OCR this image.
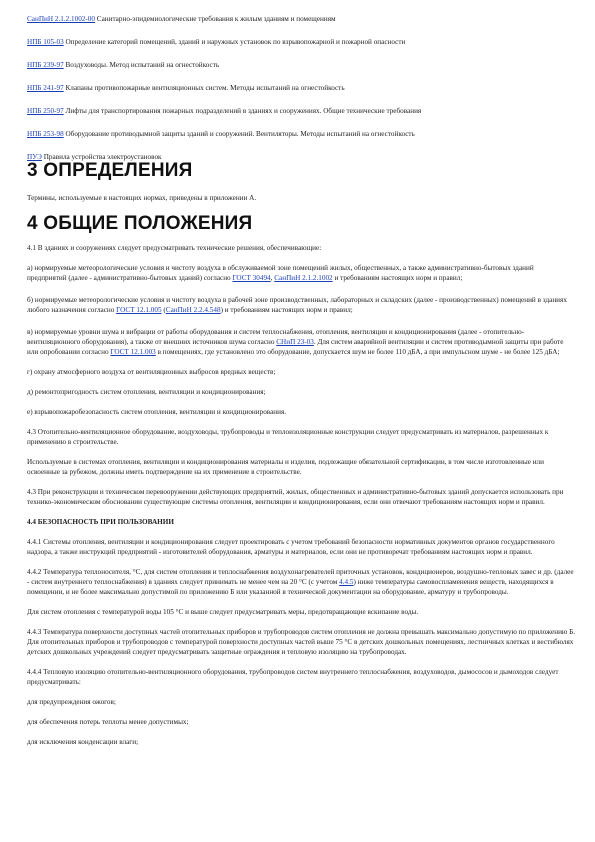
СанПиН 2.1.2.1002-00 Санитарно-эпидемиологические требования к жилым зданиям и помещениям

НПБ 105-03 Определение категорий помещений, зданий и наружных установок по взрывопожарной и пожарной опасности

НПБ 239-97 Воздуховоды. Метод испытаний на огнестойкость

НПБ 241-97 Клапаны противопожарные вентиляционных систем. Методы испытаний на огнестойкость

НПБ 250-97 Лифты для транспортирования пожарных подразделений в зданиях и сооружениях. Общие технические требования

НПБ 253-98 Оборудование противодымной защиты зданий и сооружений. Вентиляторы. Методы испытаний на огнестойкость

ПУЭ Правила устройства электроустановок

3 ОПРЕДЕЛЕНИЯ

Термины, используемые в настоящих нормах, приведены в приложении А.

4 ОБЩИЕ ПОЛОЖЕНИЯ

4.1 В зданиях и сооружениях следует предусматривать технические решения, обеспечивающие:

а) нормируемые метеорологические условия и чистоту воздуха в обслуживаемой зоне помещений жилых, общественных, а также административно-бытовых зданий предприятий (далее - административно-бытовых зданий) согласно ГОСТ 30494, СанПиН 2.1.2.1002 и требованиям настоящих норм и правил;

б) нормируемые метеорологические условия и чистоту воздуха в рабочей зоне производственных, лабораторных и складских (далее - производственных) помещений в зданиях любого назначения согласно ГОСТ 12.1.005 (СанПиН 2.2.4.548) и требованиям настоящих норм и правил;

в) нормируемые уровни шума и вибрации от работы оборудования и систем теплоснабжения, отопления, вентиляции и кондиционирования (далее - отопительно-вентиляционного оборудования), а также от внешних источников шума согласно СНиП 23-03. Для систем аварийной вентиляции и систем противодымной защиты при работе или опробовании согласно ГОСТ 12.1.003 в помещениях, где установлено это оборудование, допускается шум не более 110 дБА, а при импульсном шуме - не более 125 дБА;

г) охрану атмосферного воздуха от вентиляционных выбросов вредных веществ;

д) ремонтопригодность систем отопления, вентиляции и кондиционирования;

е) взрывопожаробезопасность систем отопления, вентиляции и кондиционирования.

4.3 Отопительно-вентиляционное оборудование, воздуховоды, трубопроводы и теплоизоляционные конструкции следует предусматривать из материалов, разрешенных к применению в строительстве.

Используемые в системах отопления, вентиляции и кондиционирования материалы и изделия, подлежащие обязательной сертификации, в том числе изготовленные или освоенные за рубежом, должны иметь подтверждение на их применение в строительстве.

4.3 При реконструкции и техническом перевооружении действующих предприятий, жилых, общественных и административно-бытовых зданий допускается использовать при технико-экономическом обосновании существующие системы отопления, вентиляции и кондиционирования, если они отвечают требованиям настоящих норм и правил.

4.4 БЕЗОПАСНОСТЬ ПРИ ПОЛЬЗОВАНИИ

4.4.1 Системы отопления, вентиляции и кондиционирования следует проектировать с учетом требований безопасности нормативных документов органов государственного надзора, а также инструкций предприятий - изготовителей оборудования, арматуры и материалов, если они не противоречат требованиям настоящих норм и правил.

4.4.2 Температура теплоносителя, °С, для систем отопления и теплоснабжения воздухонагревателей приточных установок, кондиционеров, воздушно-тепловых завес и др. (далее - систем внутреннего теплоснабжения) в зданиях следует принимать не менее чем на 20 °С (с учетом 4.4.5) ниже температуры самовоспламенения веществ, находящихся в помещении, и не более максимально допустимой по приложению Б или указанной в технической документации на оборудование, арматуру и трубопроводы.

Для систем отопления с температурой воды 105 °С и выше следует предусматривать меры, предотвращающие вскипание воды.

4.4.3 Температура поверхности доступных частей отопительных приборов и трубопроводов систем отопления не должна превышать максимально допустимую по приложению Б. Для отопительных приборов и трубопроводов с температурой поверхности доступных частей выше 75 °С в детских дошкольных помещениях, лестничных клетках и вестибюлях детских дошкольных учреждений следует предусматривать защитные ограждения и тепловую изоляцию на трубопроводах.

4.4.4 Тепловую изоляцию отопительно-вентиляционного оборудования, трубопроводов систем внутреннего теплоснабжения, воздуховодов, дымососов и дымоходов следует предусматривать:

для предупреждения ожогов;

для обеспечения потерь теплоты менее допустимых;

для исключения конденсации влаги;
